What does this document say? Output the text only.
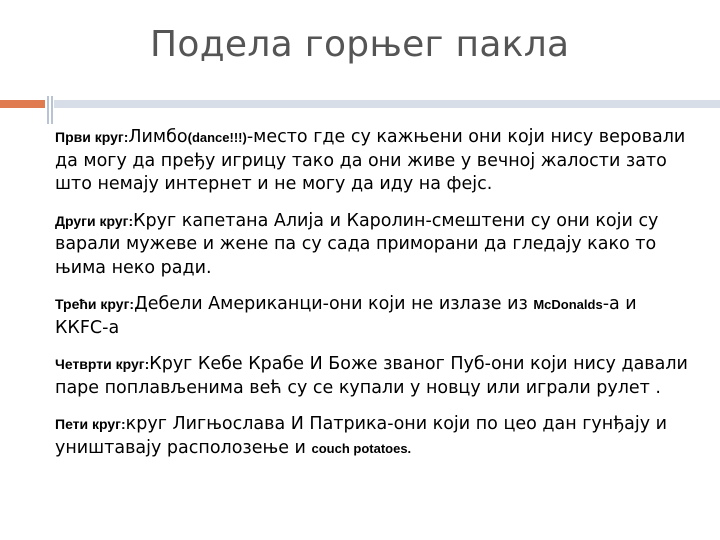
Подела горњег пакла

Први круг:Лимбо(dance!!!)-место где су кажњени они који нису веровали да могу да пређу игрицу тако да они живе у вечној жалости зато што немају интернет и не могу да иду на фејс.

Други круг:Круг капетана Алија и Каролин-смештени су они који су варали мужеве и жене па су сада приморани да гледају како то њима неко ради.

Трећи круг:Дебели Американци-они који не излазе из McDonalds-а и ККFC-а

Четврти круг:Круг Кебе Крабе И Боже званог Пуб-они који нису давали паре поплављенима већ су се купали у новцу или играли рулет .

Пети круг:круг Лигњослава И Патрика-они који по цео дан гунђају и уништавају располозење и couch potatoes.
